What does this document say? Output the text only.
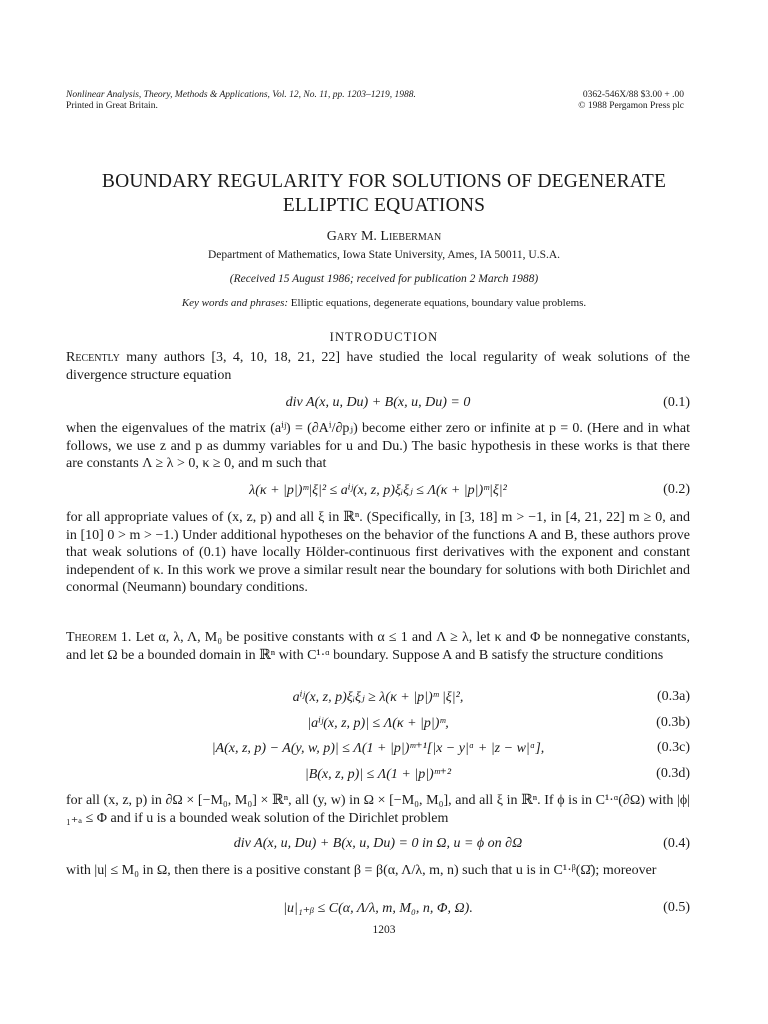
Nonlinear Analysis, Theory, Methods & Applications, Vol. 12, No. 11, pp. 1203–1219, 1988.
Printed in Great Britain.
0362-546X/88 $3.00 + .00
© 1988 Pergamon Press plc
BOUNDARY REGULARITY FOR SOLUTIONS OF DEGENERATE
ELLIPTIC EQUATIONS
Gary M. Lieberman
Department of Mathematics, Iowa State University, Ames, IA 50011, U.S.A.
(Received 15 August 1986; received for publication 2 March 1988)
Key words and phrases: Elliptic equations, degenerate equations, boundary value problems.
INTRODUCTION
Recently many authors [3, 4, 10, 18, 21, 22] have studied the local regularity of weak solutions of the divergence structure equation
div A(x, u, Du) + B(x, u, Du) = 0	(0.1)
when the eigenvalues of the matrix (aⁱʲ) = (∂Aⁱ/∂pⱼ) become either zero or infinite at p = 0. (Here and in what follows, we use z and p as dummy variables for u and Du.) The basic hypothesis in these works is that there are constants Λ ≥ λ > 0, κ ≥ 0, and m such that
λ(κ + |p|)ᵐ|ξ|² ≤ aⁱʲ(x, z, p)ξᵢξⱼ ≤ Λ(κ + |p|)ᵐ|ξ|²	(0.2)
for all appropriate values of (x, z, p) and all ξ in ℝⁿ. (Specifically, in [3, 18] m > −1, in [4, 21, 22] m ≥ 0, and in [10] 0 > m > −1.) Under additional hypotheses on the behavior of the functions A and B, these authors prove that weak solutions of (0.1) have locally Hölder-continuous first derivatives with the exponent and constant independent of κ. In this work we prove a similar result near the boundary for solutions with both Dirichlet and conormal (Neumann) boundary conditions.
Theorem 1. Let α, λ, Λ, M₀ be positive constants with α ≤ 1 and Λ ≥ λ, let κ and Φ be nonnegative constants, and let Ω be a bounded domain in ℝⁿ with C¹·ᵅ boundary. Suppose A and B satisfy the structure conditions
aⁱʲ(x, z, p)ξᵢξⱼ ≥ λ(κ + |p|)ᵐ |ξ|²,	(0.3a)
|aⁱʲ(x, z, p)| ≤ Λ(κ + |p|)ᵐ,	(0.3b)
|A(x, z, p) − A(y, w, p)| ≤ Λ(1 + |p|)ᵐ⁺¹[|x − y|ᵅ + |z − w|ᵅ],	(0.3c)
|B(x, z, p)| ≤ Λ(1 + |p|)ᵐ⁺²	(0.3d)
for all (x, z, p) in ∂Ω × [−M₀, M₀] × ℝⁿ, all (y, w) in Ω × [−M₀, M₀], and all ξ in ℝⁿ. If ϕ is in C¹·ᵅ(∂Ω) with |ϕ|₁₊ₐ ≤ Φ and if u is a bounded weak solution of the Dirichlet problem
div A(x, u, Du) + B(x, u, Du) = 0 in Ω, u = ϕ on ∂Ω	(0.4)
with |u| ≤ M₀ in Ω, then there is a positive constant β = β(α, Λ/λ, m, n) such that u is in C¹·ᵝ(Ω̄); moreover
|u|₁₊ᵦ ≤ C(α, Λ/λ, m, M₀, n, Φ, Ω).	(0.5)
1203
